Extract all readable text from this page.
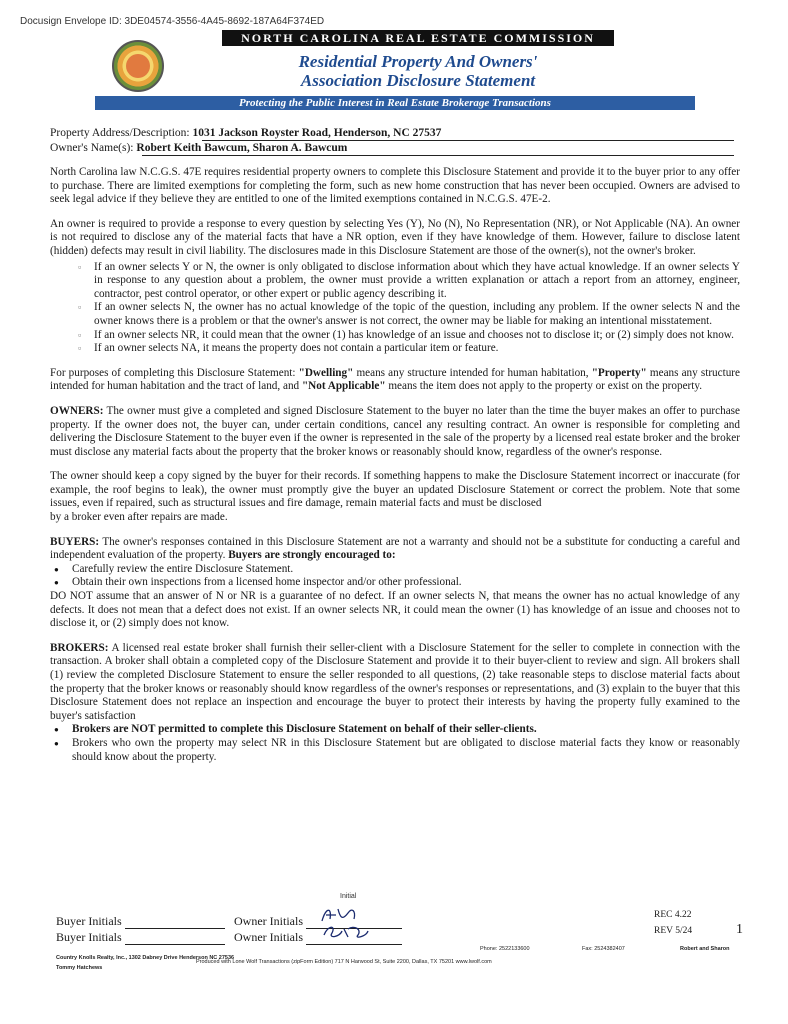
Docusign Envelope ID: 3DE04574-3556-4A45-8692-187A64F374ED
NORTH CAROLINA REAL ESTATE COMMISSION
Residential Property And Owners'
Association Disclosure Statement
Protecting the Public Interest in Real Estate Brokerage Transactions
Property Address/Description: 1031 Jackson Royster Road, Henderson, NC 27537
Owner's Name(s): Robert Keith Bawcum, Sharon A. Bawcum

North Carolina law N.C.G.S. 47E requires residential property owners to complete this Disclosure Statement and provide it to the buyer prior to any offer to purchase. There are limited exemptions for completing the form, such as new home construction that has never been occupied. Owners are advised to seek legal advice if they believe they are entitled to one of the limited exemptions contained in N.C.G.S. 47E-2.

An owner is required to provide a response to every question by selecting Yes (Y), No (N), No Representation (NR), or Not Applicable (NA). An owner is not required to disclose any of the material facts that have a NR option, even if they have knowledge of them. However, failure to disclose latent (hidden) defects may result in civil liability. The disclosures made in this Disclosure Statement are those of the owner(s), not the owner's broker.

▫ If an owner selects Y or N, the owner is only obligated to disclose information about which they have actual knowledge. If an owner selects Y in response to any question about a problem, the owner must provide a written explanation or attach a report from an attorney, engineer, contractor, pest control operator, or other expert or public agency describing it.
▫ If an owner selects N, the owner has no actual knowledge of the topic of the question, including any problem. If the owner selects N and the owner knows there is a problem or that the owner's answer is not correct, the owner may be liable for making an intentional misstatement.
▫ If an owner selects NR, it could mean that the owner (1) has knowledge of an issue and chooses not to disclose it; or (2) simply does not know.
▫ If an owner selects NA, it means the property does not contain a particular item or feature.

For purposes of completing this Disclosure Statement: "Dwelling" means any structure intended for human habitation, "Property" means any structure intended for human habitation and the tract of land, and "Not Applicable" means the item does not apply to the property or exist on the property.

OWNERS: The owner must give a completed and signed Disclosure Statement to the buyer no later than the time the buyer makes an offer to purchase property. If the owner does not, the buyer can, under certain conditions, cancel any resulting contract. An owner is responsible for completing and delivering the Disclosure Statement to the buyer even if the owner is represented in the sale of the property by a licensed real estate broker and the broker must disclose any material facts about the property that the broker knows or reasonably should know, regardless of the owner's response.

The owner should keep a copy signed by the buyer for their records. If something happens to make the Disclosure Statement incorrect or inaccurate (for example, the roof begins to leak), the owner must promptly give the buyer an updated Disclosure Statement or correct the problem. Note that some issues, even if repaired, such as structural issues and fire damage, remain material facts and must be disclosed
by a broker even after repairs are made.

BUYERS: The owner's responses contained in this Disclosure Statement are not a warranty and should not be a substitute for conducting a careful and independent evaluation of the property. Buyers are strongly encouraged to:

● Carefully review the entire Disclosure Statement.
● Obtain their own inspections from a licensed home inspector and/or other professional.

DO NOT assume that an answer of N or NR is a guarantee of no defect. If an owner selects N, that means the owner has no actual knowledge of any defects. It does not mean that a defect does not exist. If an owner selects NR, it could mean the owner (1) has knowledge of an issue and chooses not to disclose it, or (2) simply does not know.

BROKERS: A licensed real estate broker shall furnish their seller-client with a Disclosure Statement for the seller to complete in connection with the transaction. A broker shall obtain a completed copy of the Disclosure Statement and provide it to their buyer-client to review and sign. All brokers shall (1) review the completed Disclosure Statement to ensure the seller responded to all questions, (2) take reasonable steps to disclose material facts about the property that the broker knows or reasonably should know regardless of the owner's responses or representations, and (3) explain to the buyer that this Disclosure Statement does not replace an inspection and encourage the buyer to protect their interests by having the property fully examined to the buyer's satisfaction

● Brokers are NOT permitted to complete this Disclosure Statement on behalf of their seller-clients.
● Brokers who own the property may select NR in this Disclosure Statement but are obligated to disclose material facts they know or reasonably should know about the property.
Buyer Initials
Buyer Initials
Owner Initials
Owner Initials
Initial
REC 4.22
REV 5/24	1
Country Knolls Realty, Inc., 1302 Dabney Drive Henderson NC 27536
Phone: 2522133600	Fax: 2524382407	Robert and Sharon
Tommy Hatchews
Produced with Lone Wolf Transactions (zipForm Edition) 717 N Harwood St, Suite 2200, Dallas, TX 75201 www.lwolf.com
